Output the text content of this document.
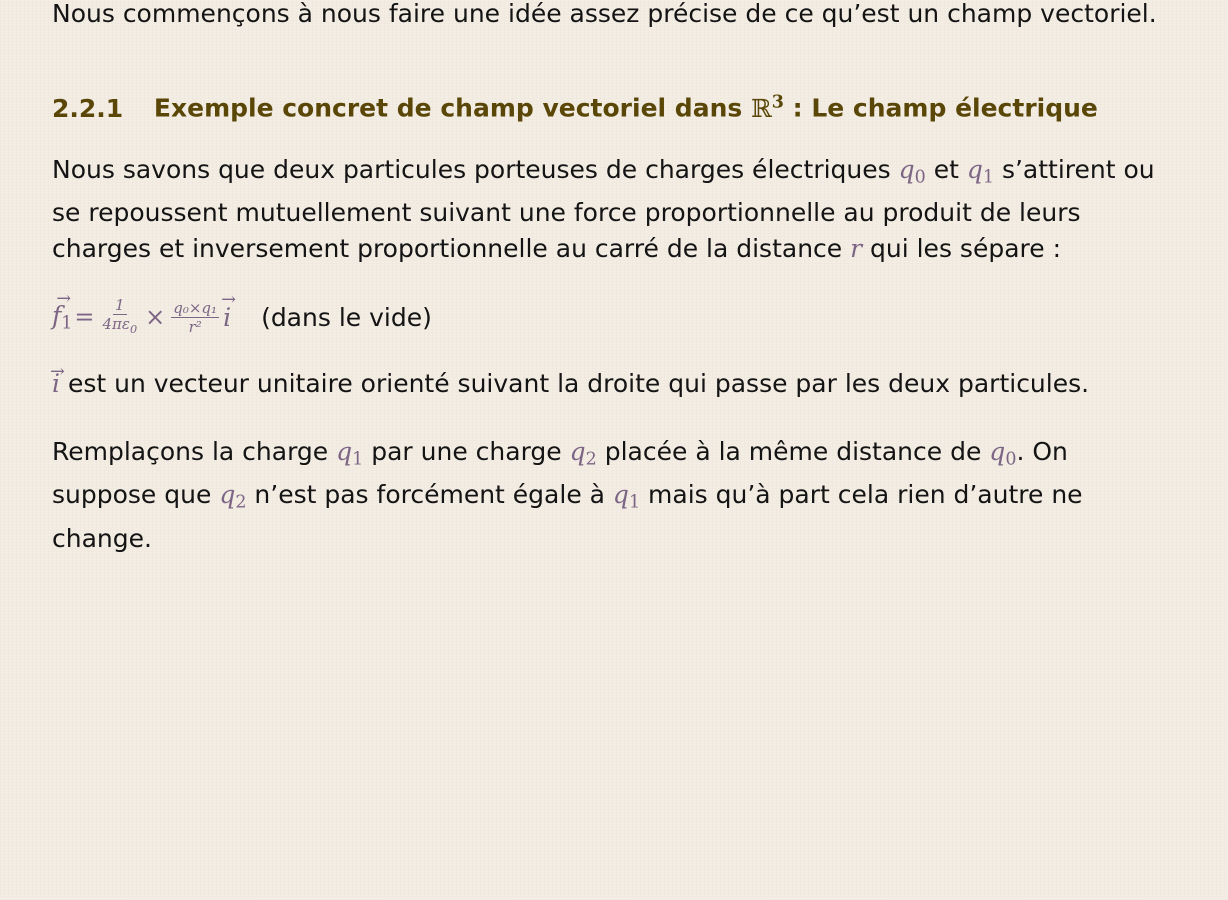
Nous commençons à nous faire une idée assez précise de ce qu’est un champ vectoriel.

2.2.1 Exemple concret de champ vectoriel dans ℝ$^3$ : Le champ électrique

Nous savons que deux particules porteuses de charges électriques $q_0$ et $q_1$ s’attirent ou se repoussent mutuellement suivant une force proportionnelle au produit de leurs charges et inversement proportionnelle au carré de la distance r qui les sépare :

→ $f_1 = \frac{1}{4\pi\varepsilon_0} \times \frac{\text{q₀×q₁}}{\text{r²}}$
→ i (dans le vide)

→ i est un vecteur unitaire orienté suivant la droite qui passe par les deux particules.

Remplaçons la charge $q_1$ par une charge $q_2$ placée à la même distance de $q_0$. On suppose que $q_2$ n’est pas forcément égale à $q_1$ mais qu’à part cela rien d’autre ne change.
